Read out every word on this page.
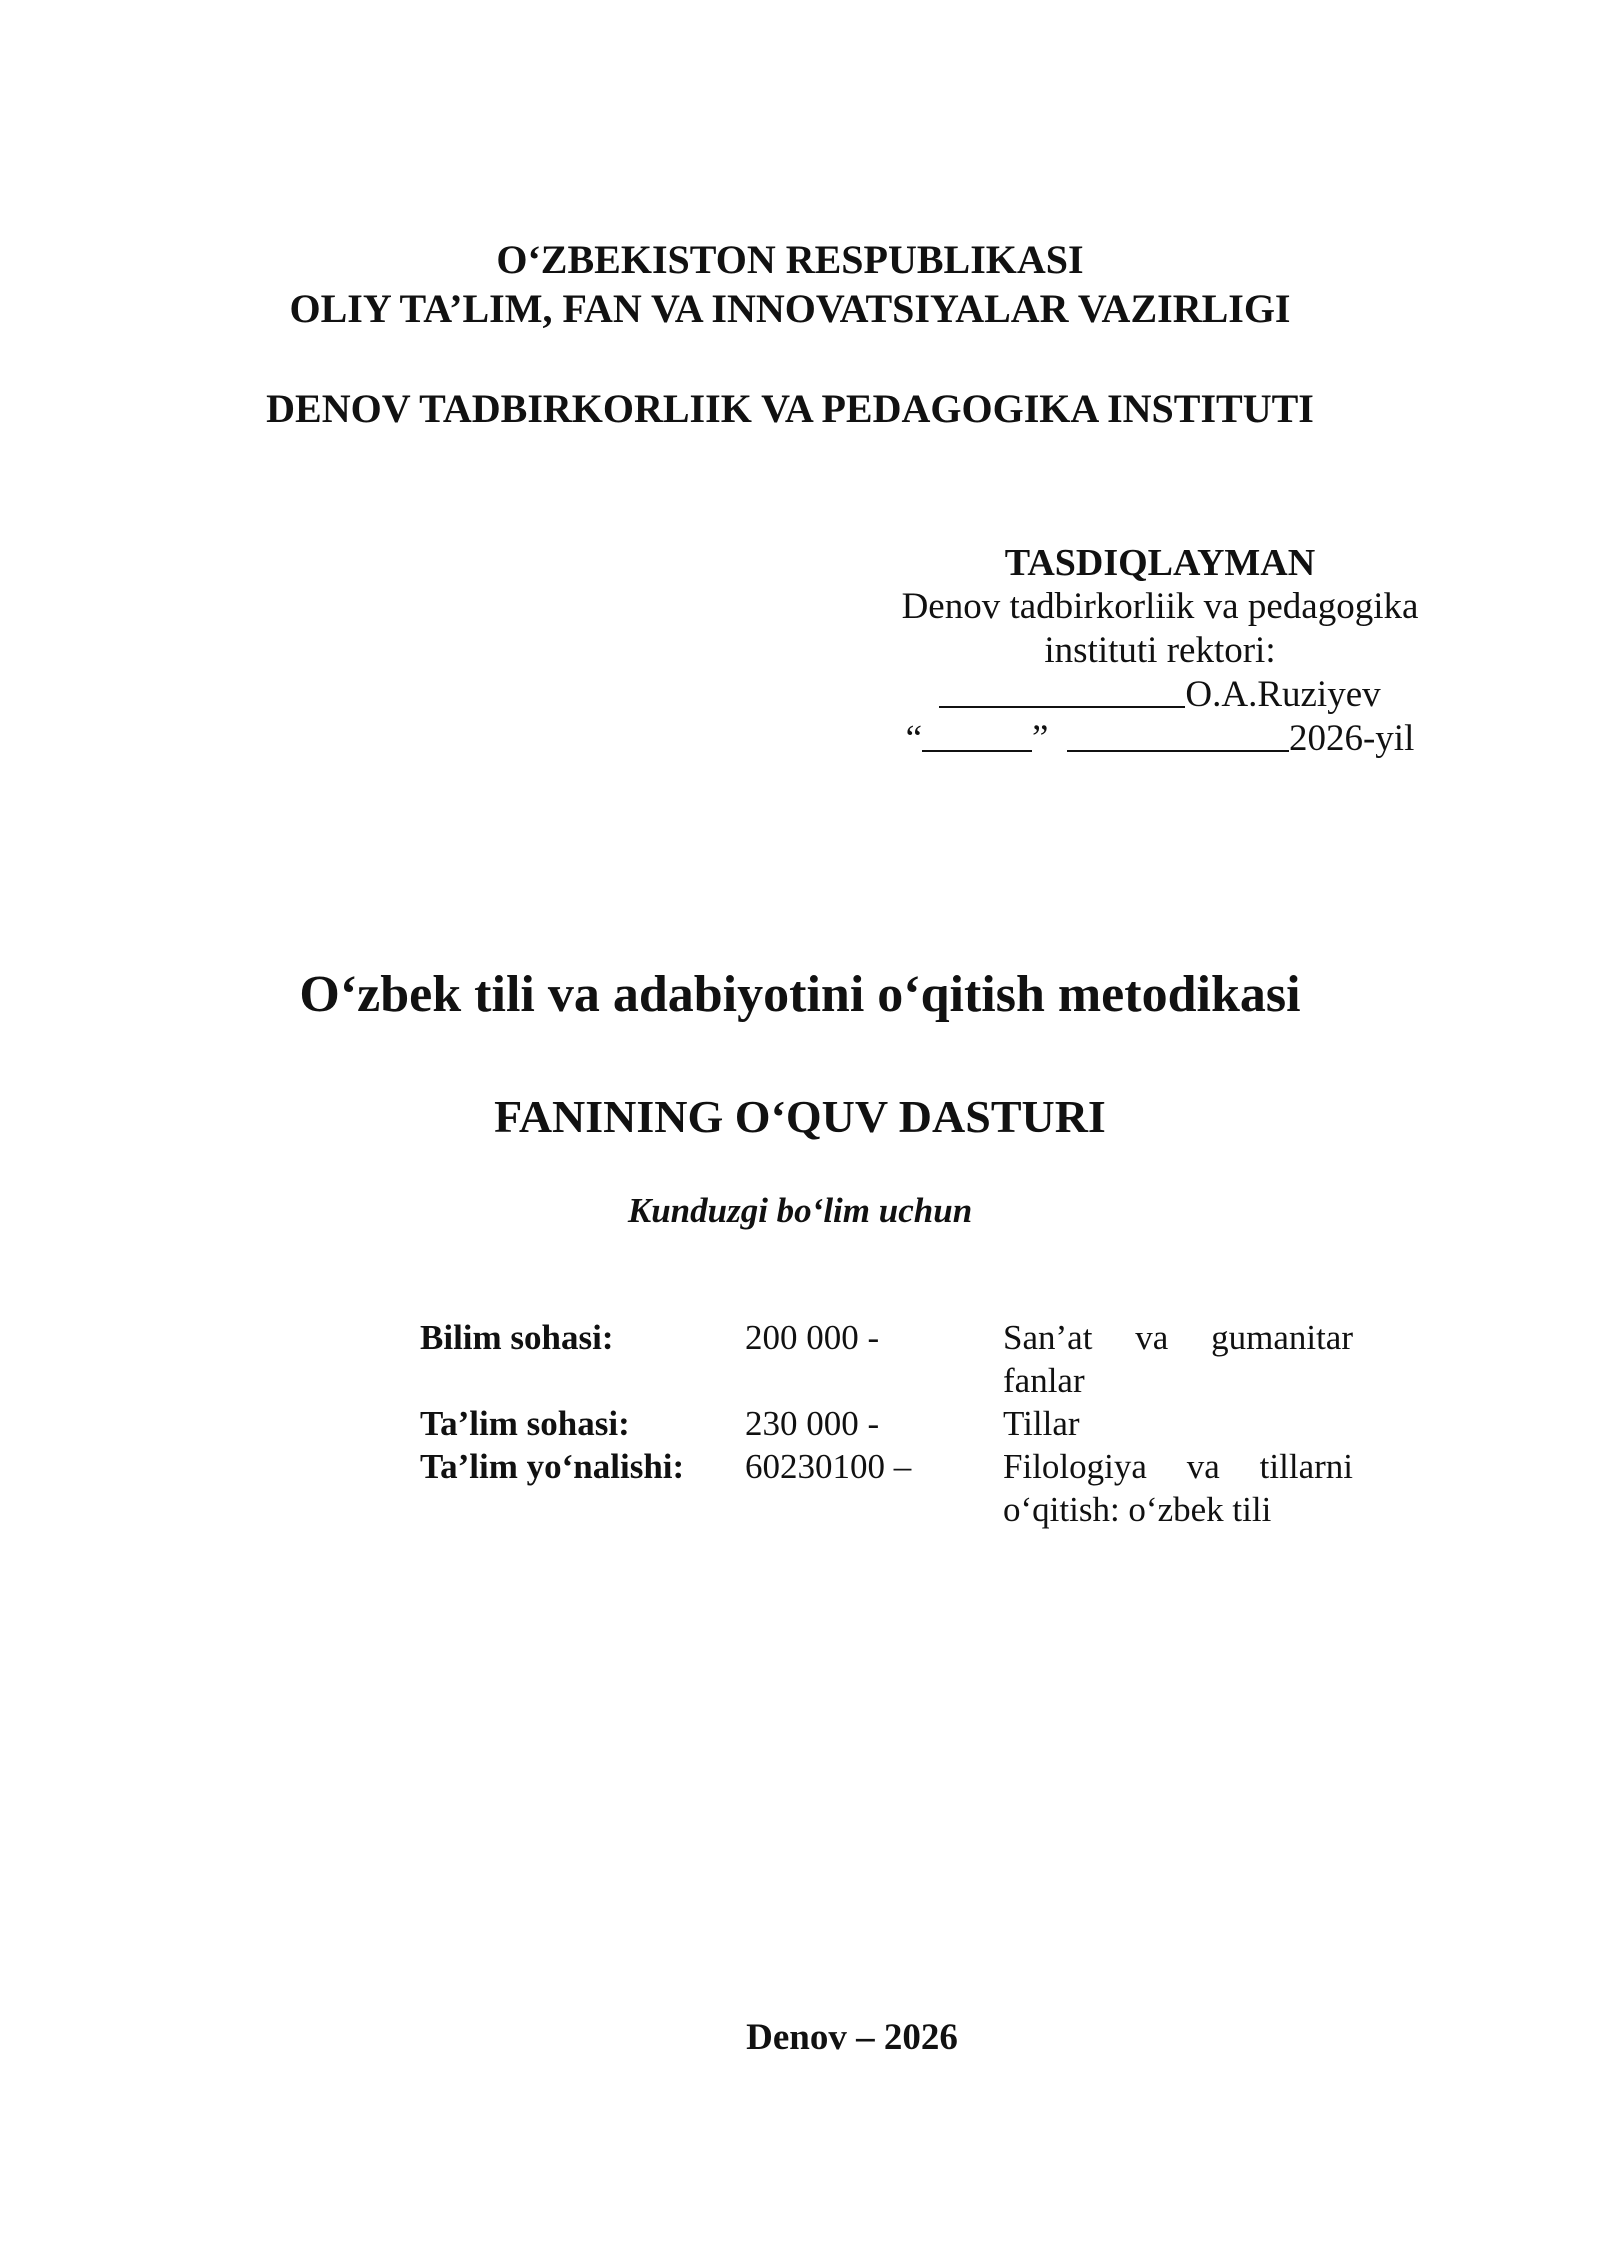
O‘ZBEKISTON RESPUBLIKASI
OLIY TA’LIM, FAN VA INNOVATSIYALAR VAZIRLIGI
DENOV TADBIRKORLIIK VA PEDAGOGIKA INSTITUTI
TASDIQLAYMAN
Denov tadbirkorliik va pedagogika
instituti rektori:
O.A.Ruziyev
“	”	2026-yil
O‘zbek tili va adabiyotini o‘qitish metodikasi
FANINING O‘QUV DASTURI
Kunduzgi bo‘lim uchun
Bilim sohasi:	200 000 -	San’at va gumanitar fanlar
Ta’lim sohasi:	230 000 -	Tillar
Ta’lim yo‘nalishi:	60230100 –	Filologiya va tillarni o‘qitish: o‘zbek tili
Denov – 2026
